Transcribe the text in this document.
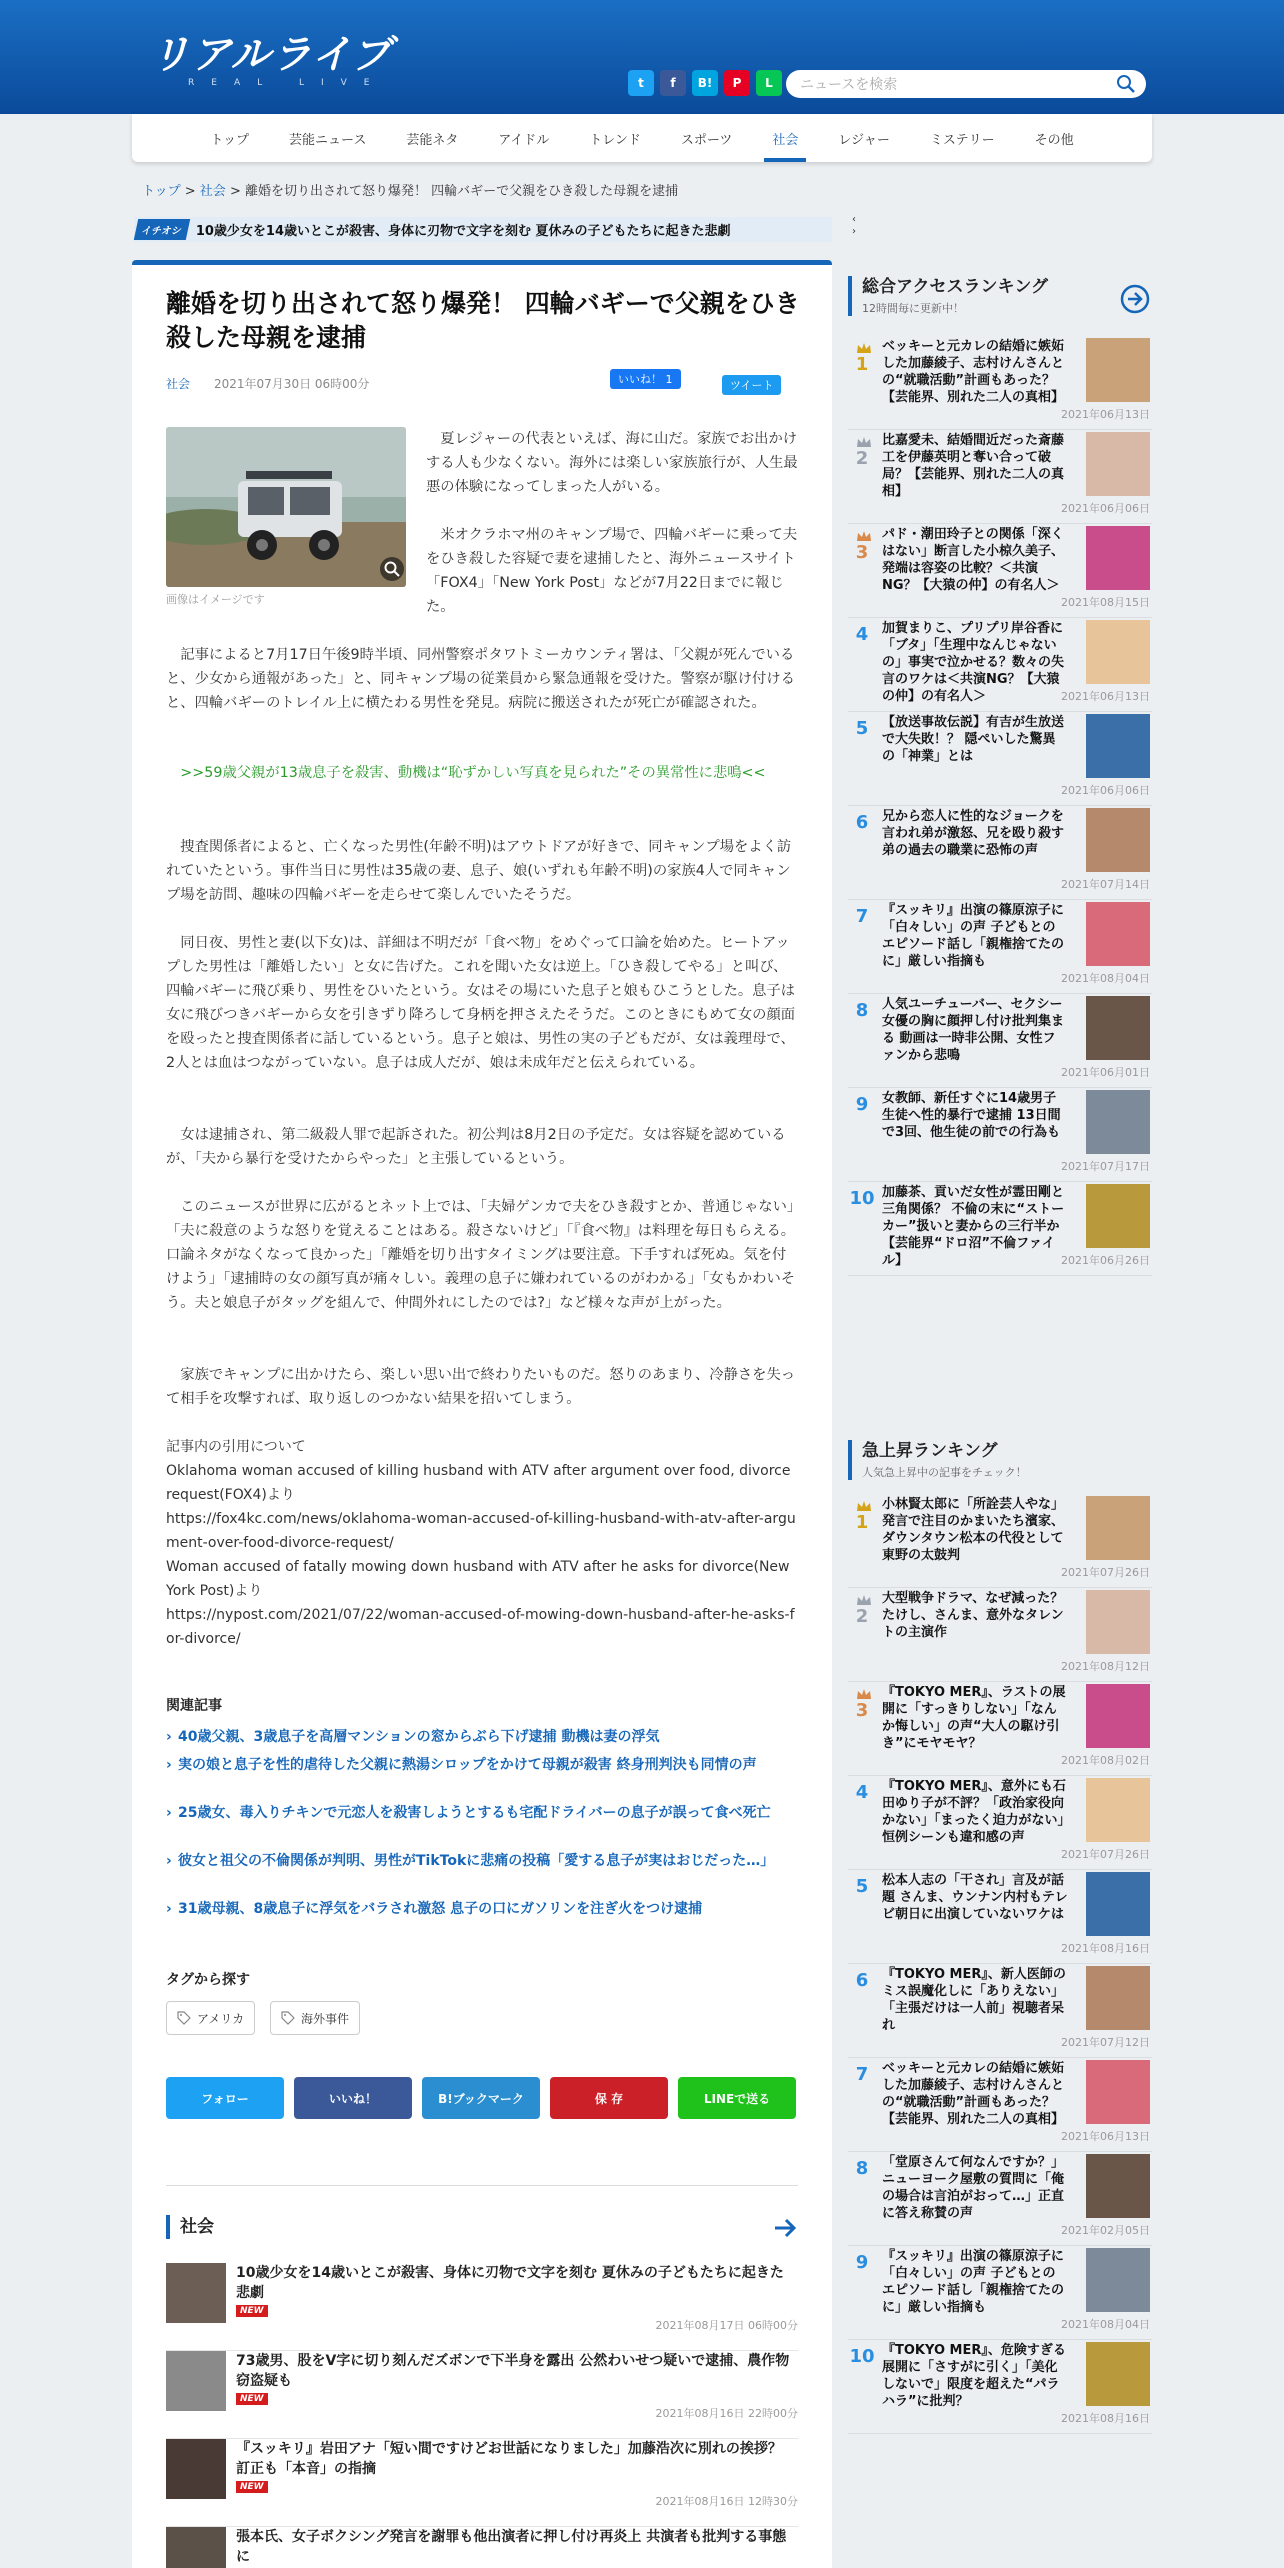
リアルライブ
REAL LIVE	t	f	B!	P	L	ニュースを検索
トップ	芸能ニュース	芸能ネタ	アイドル	トレンド	スポーツ	社会	レジャー	ミステリー	その他
トップ > 社会 > 離婚を切り出されて怒り爆発！ 四輪バギーで父親をひき殺した母親を逮捕
イチオシ	10歳少女を14歳いとこが殺害、身体に刃物で文字を刻む 夏休みの子どもたちに起きた悲劇
‹
›
離婚を切り出されて怒り爆発！ 四輪バギーで父親をひき殺した母親を逮捕
社会 2021年07月30日 06時00分	いいね！ 1	ツイート
画像はイメージです

　夏レジャーの代表といえば、海に山だ。家族でお出かけする人も少なくない。海外には楽しい家族旅行が、人生最悪の体験になってしまった人がいる。

　米オクラホマ州のキャンプ場で、四輪バギーに乗って夫をひき殺した容疑で妻を逮捕したと、海外ニュースサイト「FOX4」「New York Post」などが7月22日までに報じた。

　記事によると7月17日午後9時半頃、同州警察ポタワトミーカウンティ署は、「父親が死んでいると、少女から通報があった」と、同キャンプ場の従業員から緊急通報を受けた。警察が駆け付けると、四輪バギーのトレイル上に横たわる男性を発見。病院に搬送されたが死亡が確認された。

　>>59歳父親が13歳息子を殺害、動機は“恥ずかしい写真を見られた”その異常性に悲鳴<<

　捜査関係者によると、亡くなった男性(年齢不明)はアウトドアが好きで、同キャンプ場をよく訪れていたという。事件当日に男性は35歳の妻、息子、娘(いずれも年齢不明)の家族4人で同キャンプ場を訪問、趣味の四輪バギーを走らせて楽しんでいたそうだ。

　同日夜、男性と妻(以下女)は、詳細は不明だが「食べ物」をめぐって口論を始めた。ヒートアップした男性は「離婚したい」と女に告げた。これを聞いた女は逆上。「ひき殺してやる」と叫び、四輪バギーに飛び乗り、男性をひいたという。女はその場にいた息子と娘もひこうとした。息子は女に飛びつきバギーから女を引きずり降ろして身柄を押さえたそうだ。このときにもめて女の顔面を殴ったと捜査関係者に話しているという。息子と娘は、男性の実の子どもだが、女は義理母で、2人とは血はつながっていない。息子は成人だが、娘は未成年だと伝えられている。

　女は逮捕され、第二級殺人罪で起訴された。初公判は8月2日の予定だ。女は容疑を認めているが、「夫から暴行を受けたからやった」と主張しているという。

　このニュースが世界に広がるとネット上では、「夫婦ゲンカで夫をひき殺すとか、普通じゃない」「夫に殺意のような怒りを覚えることはある。殺さないけど」「『食べ物』は料理を毎日もらえる。口論ネタがなくなって良かった」「離婚を切り出すタイミングは要注意。下手すれば死ぬ。気を付けよう」「逮捕時の女の顔写真が痛々しい。義理の息子に嫌われているのがわかる」「女もかわいそう。夫と娘息子がタッグを組んで、仲間外れにしたのでは?」など様々な声が上がった。

　家族でキャンプに出かけたら、楽しい思い出で終わりたいものだ。怒りのあまり、冷静さを失って相手を攻撃すれば、取り返しのつかない結果を招いてしまう。

記事内の引用について
Oklahoma woman accused of killing husband with ATV after argument over food, divorce request(FOX4)より
https://fox4kc.com/news/oklahoma-woman-accused-of-killing-husband-with-atv-after-argument-over-food-divorce-request/
Woman accused of fatally mowing down husband with ATV after he asks for divorce(New York Post)より
https://nypost.com/2021/07/22/woman-accused-of-mowing-down-husband-after-he-asks-for-divorce/
関連記事
› 40歳父親、3歳息子を高層マンションの窓からぶら下げ逮捕 動機は妻の浮気
› 実の娘と息子を性的虐待した父親に熱湯シロップをかけて母親が殺害 終身刑判決も同情の声
› 25歳女、毒入りチキンで元恋人を殺害しようとするも宅配ドライバーの息子が誤って食べ死亡
› 彼女と祖父の不倫関係が判明、男性がTikTokに悲痛の投稿「愛する息子が実はおじだった…」
› 31歳母親、8歳息子に浮気をバラされ激怒 息子の口にガソリンを注ぎ火をつけ逮捕
タグから探す
アメリカ	海外事件
社会
フォロー	いいね！	B!ブックマーク	保 存	LINEで送る
10歳少女を14歳いとこが殺害、身体に刃物で文字を刻む 夏休みの子どもたちに起きた悲劇
NEW
2021年08月17日 06時00分
73歳男、股をV字に切り刻んだズボンで下半身を露出 公然わいせつ疑いで逮捕、農作物窃盗疑も
NEW
2021年08月16日 22時00分
『スッキリ』岩田アナ「短い間ですけどお世話になりました」加藤浩次に別れの挨拶？ 訂正も「本音」の指摘
NEW
2021年08月16日 12時30分
張本氏、女子ボクシング発言を謝罪も他出演者に押し付け再炎上 共演者も批判する事態に
総合アクセスランキング
12時間毎に更新中！
1
ベッキーと元カレの結婚に嫉妬した加藤綾子、志村けんさんとの“就職活動”計画もあった？【芸能界、別れた二人の真相】
2021年06月13日
2
比嘉愛未、結婚間近だった斎藤工を伊藤英明と奪い合って破局？【芸能界、別れた二人の真相】
2021年06月06日
3
パド・潮田玲子との関係「深くはない」断言した小椋久美子、発端は容姿の比較？＜共演NG？【大猿の仲】の有名人＞
2021年08月15日
4	加賀まりこ、プリプリ岸谷香に「ブタ」「生理中なんじゃないの」事実で泣かせる？数々の失言のワケは＜共演NG？【大猿の仲】の有名人＞	2021年06月13日
5	【放送事故伝説】有吉が生放送で大失敗！？ 隠ぺいした驚異の「神業」とは
2021年06月06日
6	兄から恋人に性的なジョークを言われ弟が激怒、兄を殴り殺す 弟の過去の職業に恐怖の声
2021年07月14日
7	『スッキリ』出演の篠原涼子に「白々しい」の声 子どもとのエピソード話し「親権捨てたのに」厳しい指摘も
2021年08月04日
8	人気ユーチューバー、セクシー女優の胸に顔押し付け批判集まる 動画は一時非公開、女性ファンから悲鳴
2021年06月01日
9	女教師、新任すぐに14歳男子生徒へ性的暴行で逮捕 13日間で3回、他生徒の前での行為も
2021年07月17日
10 加藤茶、貢いだ女性が霊田剛と三角関係？ 不倫の末に“ストーカー”扱いと妻からの三行半か【芸能界“ドロ沼”不倫ファイル】	2021年06月26日
急上昇ランキング
人気急上昇中の記事をチェック！
1
小林賢太郎に「所詮芸人やな」発言で注目のかまいたち濱家、ダウンタウン松本の代役として東野の太鼓判
2021年07月26日
2
大型戦争ドラマ、なぜ減った？ たけし、さんま、意外なタレントの主演作
2021年08月12日
3
『TOKYO MER』、ラストの展開に「すっきりしない」「なんか悔しい」の声“大人の駆け引き”にモヤモヤ？
2021年08月02日
4	『TOKYO MER』、意外にも石田ゆり子が不評？「政治家役向かない」「まったく迫力がない」恒例シーンも違和感の声
2021年07月26日
5	松本人志の「干され」言及が話題 さんま、ウンナン内村もテレビ朝日に出演していないワケは
2021年08月16日
6	『TOKYO MER』、新人医師のミス誤魔化しに「ありえない」「主張だけは一人前」視聴者呆れ
2021年07月12日
7	ベッキーと元カレの結婚に嫉妬した加藤綾子、志村けんさんとの“就職活動”計画もあった？【芸能界、別れた二人の真相】
2021年06月13日
8	「堂原さんて何なんですか？」ニューヨーク屋敷の質問に「俺の場合は言泊がおって…」正直に答え称賛の声
2021年02月05日
9	『スッキリ』出演の篠原涼子に「白々しい」の声 子どもとのエピソード話し「親権捨てたのに」厳しい指摘も
2021年08月04日
10 『TOKYO MER』、危険すぎる展開に「さすがに引く」「美化しないで」限度を超えた“パラハラ”に批判？
2021年08月16日
